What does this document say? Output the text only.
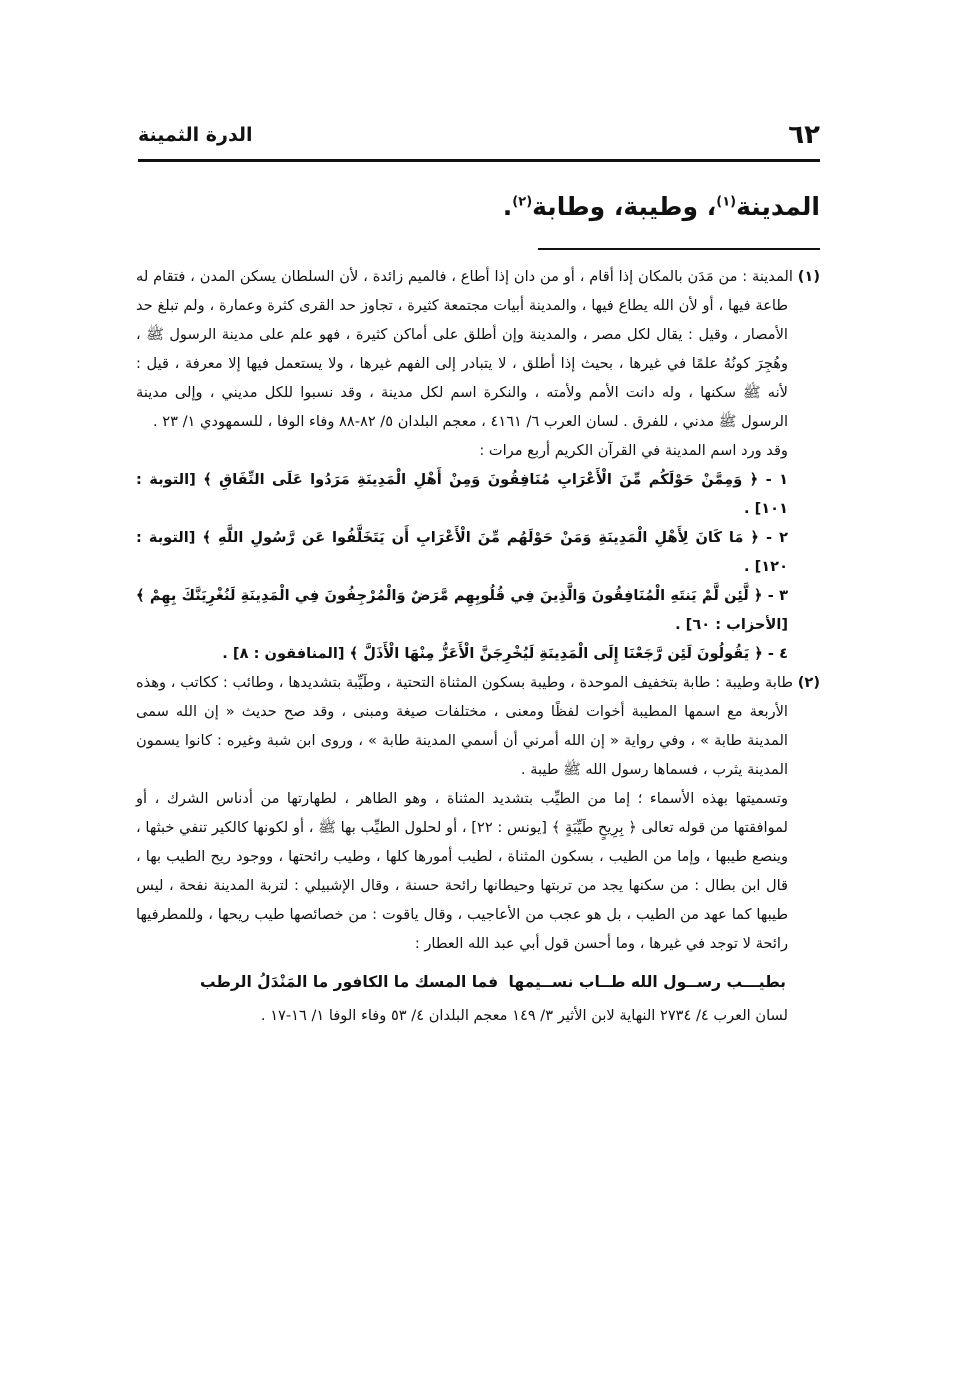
٦٢
الدرة الثمينة
المدينة$^{(١)}$، وطيبة، وطابة$^{(٢)}$.

(١) المدينة : من مَدَن بالمكان إذا أقام ، أو من دان إذا أطاع ، فالميم زائدة ، لأن السلطان يسكن المدن ، فتقام له طاعة فيها ، أو لأن الله يطاع فيها ، والمدينة أبيات مجتمعة كثيرة ، تجاوز حد القرى كثرة وعمارة ، ولم تبلغ حد الأمصار ، وقيل : يقال لكل مصر ، والمدينة وإن أطلق على أماكن كثيرة ، فهو علم على مدينة الرسول ﷺ ، وهُجِرَ كونُهُ علمًا في غيرها ، بحيث إذا أطلق ، لا يتبادر إلى الفهم غيرها ، ولا يستعمل فيها إلا معرفة ، قيل : لأنه ﷺ سكنها ، وله دانت الأمم ولأمته ، والنكرة اسم لكل مدينة ، وقد نسبوا للكل مديني ، وإلى مدينة الرسول ﷺ مدني ، للفرق . لسان العرب ٦/ ٤١٦١ ، معجم البلدان ٥/ ٨٢-٨٨ وفاء الوفا ، للسمهودي ١/ ٢٣ .

وقد ورد اسم المدينة في القرآن الكريم أربع مرات :

١ - ﴿ وَمِمَّنْ حَوْلَكُم مِّنَ الْأَعْرَابِ مُنَافِقُونَ وَمِنْ أَهْلِ الْمَدِينَةِ مَرَدُوا عَلَى النِّفَاقِ ﴾ [التوبة : ١٠١] .

٢ - ﴿ مَا كَانَ لِأَهْلِ الْمَدِينَةِ وَمَنْ حَوْلَهُم مِّنَ الْأَعْرَابِ أَن يَتَخَلَّفُوا عَن رَّسُولِ اللَّهِ ﴾ [التوبة : ١٢٠] .

٣ - ﴿ لَّئِن لَّمْ يَنتَهِ الْمُنَافِقُونَ وَالَّذِينَ فِي قُلُوبِهِم مَّرَضٌ وَالْمُرْجِفُونَ فِي الْمَدِينَةِ لَنُغْرِيَنَّكَ بِهِمْ ﴾ [الأحزاب : ٦٠] .

٤ - ﴿ يَقُولُونَ لَئِن رَّجَعْنَا إِلَى الْمَدِينَةِ لَيُخْرِجَنَّ الْأَعَزُّ مِنْهَا الْأَذَلَّ ﴾ [المنافقون : ٨] .

(٢) طابة وطيبة : طابة بتخفيف الموحدة ، وطيبة بسكون المثناة التحتية ، وطَيِّبة بتشديدها ، وطائب : ككاتب ، وهذه الأربعة مع اسمها المطيبة أخوات لفظًا ومعنى ، مختلفات صيغة ومبنى ، وقد صح حديث « إن الله سمى المدينة طابة » ، وفي رواية « إن الله أمرني أن أسمي المدينة طابة » ، وروى ابن شبة وغيره : كانوا يسمون المدينة يثرب ، فسماها رسول الله ﷺ طيبة .

وتسميتها بهذه الأسماء ؛ إما من الطيِّب بتشديد المثناة ، وهو الطاهر ، لطهارتها من أدناس الشرك ، أو لموافقتها من قوله تعالى ﴿ بِرِيحٍ طَيِّبَةٍ ﴾ [يونس : ٢٢] ، أو لحلول الطيِّب بها ﷺ ، أو لكونها كالكير تنفي خبثها ، وينصع طيبها ، وإما من الطيب ، بسكون المثناة ، لطيب أمورها كلها ، وطيب رائحتها ، ووجود ريح الطيب بها ، قال ابن بطال : من سكنها يجد من تربتها وحيطانها رائحة حسنة ، وقال الإشبيلي : لتربة المدينة نفحة ، ليس طيبها كما عهد من الطيب ، بل هو عجب من الأعاجيب ، وقال ياقوت : من خصائصها طيب ريحها ، وللمطرفيها رائحة لا توجد في غيرها ، وما أحسن قول أبي عبد الله العطار :

بطيـــب رســول الله طــاب نســيمها
فما المسك ما الكافور ما المَنْدَلُ الرطب

لسان العرب ٤/ ٢٧٣٤ النهاية لابن الأثير ٣/ ١٤٩ معجم البلدان ٤/ ٥٣ وفاء الوفا ١/ ١٦-١٧ .
